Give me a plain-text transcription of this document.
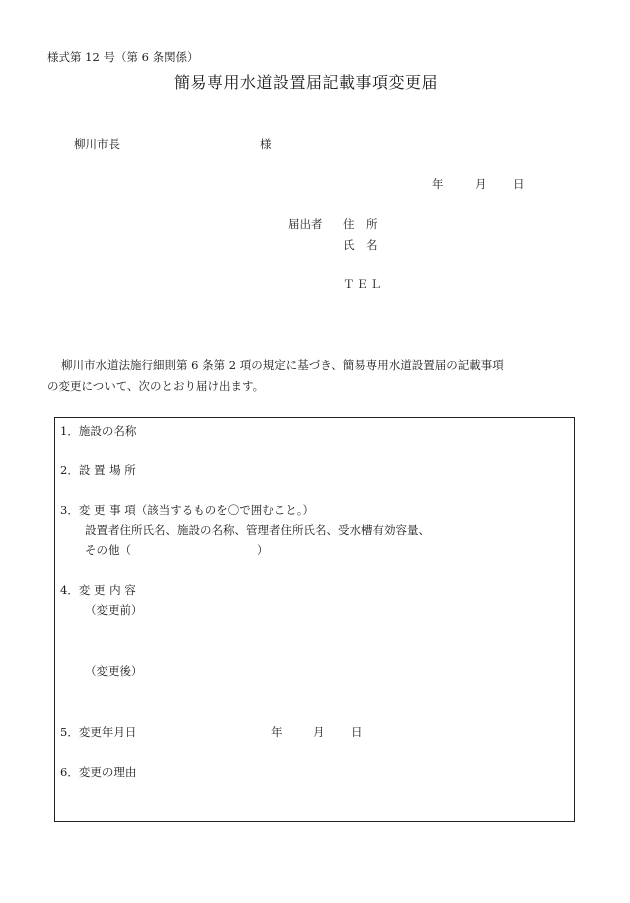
様式第 12 号（第 6 条関係）
簡易専用水道設置届記載事項変更届
柳川市長	様
年	月 日
届出者 住　所
氏　名
ＴＥＬ
柳川市水道法施行細則第 6 条第 2 項の規定に基づき、簡易専用水道設置届の記載事項
の変更について、次のとおり届け出ます。
1．施設の名称
2．設 置 場 所
3．変 更 事 項（該当するものを〇で囲むこと。）
設置者住所氏名、施設の名称、管理者住所氏名、受水槽有効容量、
その他（	）
4．変 更 内 容
（変更前）
（変更後）
5．変更年月日	年	月 日
6．変更の理由
